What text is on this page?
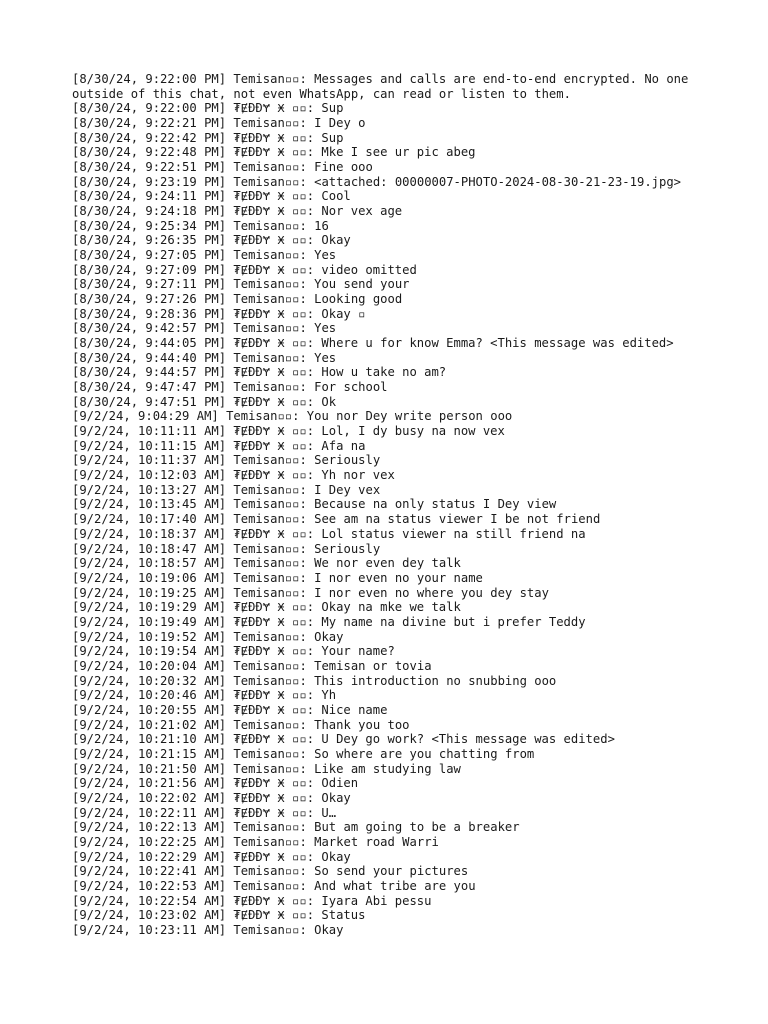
[8/30/24, 9:22:00 PM] Temisan▫▫: Messages and calls are end-to-end encrypted. No one outside of this chat, not even WhatsApp, can read or listen to them.
[8/30/24, 9:22:00 PM] ₮ɆĐĐɎ Ӿ ▫▫: Sup
[8/30/24, 9:22:21 PM] Temisan▫▫: I Dey o
[8/30/24, 9:22:42 PM] ₮ɆĐĐɎ Ӿ ▫▫: Sup
[8/30/24, 9:22:48 PM] ₮ɆĐĐɎ Ӿ ▫▫: Mke I see ur pic abeg
[8/30/24, 9:22:51 PM] Temisan▫▫: Fine ooo
[8/30/24, 9:23:19 PM] Temisan▫▫: <attached: 00000007-PHOTO-2024-08-30-21-23-19.jpg>
[8/30/24, 9:24:11 PM] ₮ɆĐĐɎ Ӿ ▫▫: Cool
[8/30/24, 9:24:18 PM] ₮ɆĐĐɎ Ӿ ▫▫: Nor vex age
[8/30/24, 9:25:34 PM] Temisan▫▫: 16
[8/30/24, 9:26:35 PM] ₮ɆĐĐɎ Ӿ ▫▫: Okay
[8/30/24, 9:27:05 PM] Temisan▫▫: Yes
[8/30/24, 9:27:09 PM] ₮ɆĐĐɎ Ӿ ▫▫: video omitted
[8/30/24, 9:27:11 PM] Temisan▫▫: You send your
[8/30/24, 9:27:26 PM] Temisan▫▫: Looking good
[8/30/24, 9:28:36 PM] ₮ɆĐĐɎ Ӿ ▫▫: Okay ▫
[8/30/24, 9:42:57 PM] Temisan▫▫: Yes
[8/30/24, 9:44:05 PM] ₮ɆĐĐɎ Ӿ ▫▫: Where u for know Emma? <This message was edited>
[8/30/24, 9:44:40 PM] Temisan▫▫: Yes
[8/30/24, 9:44:57 PM] ₮ɆĐĐɎ Ӿ ▫▫: How u take no am?
[8/30/24, 9:47:47 PM] Temisan▫▫: For school
[8/30/24, 9:47:51 PM] ₮ɆĐĐɎ Ӿ ▫▫: Ok
[9/2/24, 9:04:29 AM] Temisan▫▫: You nor Dey write person ooo
[9/2/24, 10:11:11 AM] ₮ɆĐĐɎ Ӿ ▫▫: Lol, I dy busy na now vex
[9/2/24, 10:11:15 AM] ₮ɆĐĐɎ Ӿ ▫▫: Afa na
[9/2/24, 10:11:37 AM] Temisan▫▫: Seriously
[9/2/24, 10:12:03 AM] ₮ɆĐĐɎ Ӿ ▫▫: Yh nor vex
[9/2/24, 10:13:27 AM] Temisan▫▫: I Dey vex
[9/2/24, 10:13:45 AM] Temisan▫▫: Because na only status I Dey view
[9/2/24, 10:17:40 AM] Temisan▫▫: See am na status viewer I be not friend
[9/2/24, 10:18:37 AM] ₮ɆĐĐɎ Ӿ ▫▫: Lol status viewer na still friend na
[9/2/24, 10:18:47 AM] Temisan▫▫: Seriously
[9/2/24, 10:18:57 AM] Temisan▫▫: We nor even dey talk
[9/2/24, 10:19:06 AM] Temisan▫▫: I nor even no your name
[9/2/24, 10:19:25 AM] Temisan▫▫: I nor even no where you dey stay
[9/2/24, 10:19:29 AM] ₮ɆĐĐɎ Ӿ ▫▫: Okay na mke we talk
[9/2/24, 10:19:49 AM] ₮ɆĐĐɎ Ӿ ▫▫: My name na divine but i prefer Teddy
[9/2/24, 10:19:52 AM] Temisan▫▫: Okay
[9/2/24, 10:19:54 AM] ₮ɆĐĐɎ Ӿ ▫▫: Your name?
[9/2/24, 10:20:04 AM] Temisan▫▫: Temisan or tovia
[9/2/24, 10:20:32 AM] Temisan▫▫: This introduction no snubbing ooo
[9/2/24, 10:20:46 AM] ₮ɆĐĐɎ Ӿ ▫▫: Yh
[9/2/24, 10:20:55 AM] ₮ɆĐĐɎ Ӿ ▫▫: Nice name
[9/2/24, 10:21:02 AM] Temisan▫▫: Thank you too
[9/2/24, 10:21:10 AM] ₮ɆĐĐɎ Ӿ ▫▫: U Dey go work? <This message was edited>
[9/2/24, 10:21:15 AM] Temisan▫▫: So where are you chatting from
[9/2/24, 10:21:50 AM] Temisan▫▫: Like am studying law
[9/2/24, 10:21:56 AM] ₮ɆĐĐɎ Ӿ ▫▫: Odien
[9/2/24, 10:22:02 AM] ₮ɆĐĐɎ Ӿ ▫▫: Okay
[9/2/24, 10:22:11 AM] ₮ɆĐĐɎ Ӿ ▫▫: U…
[9/2/24, 10:22:13 AM] Temisan▫▫: But am going to be a breaker
[9/2/24, 10:22:25 AM] Temisan▫▫: Market road Warri
[9/2/24, 10:22:29 AM] ₮ɆĐĐɎ Ӿ ▫▫: Okay
[9/2/24, 10:22:41 AM] Temisan▫▫: So send your pictures
[9/2/24, 10:22:53 AM] Temisan▫▫: And what tribe are you
[9/2/24, 10:22:54 AM] ₮ɆĐĐɎ Ӿ ▫▫: Iyara Abi pessu
[9/2/24, 10:23:02 AM] ₮ɆĐĐɎ Ӿ ▫▫: Status
[9/2/24, 10:23:11 AM] Temisan▫▫: Okay
